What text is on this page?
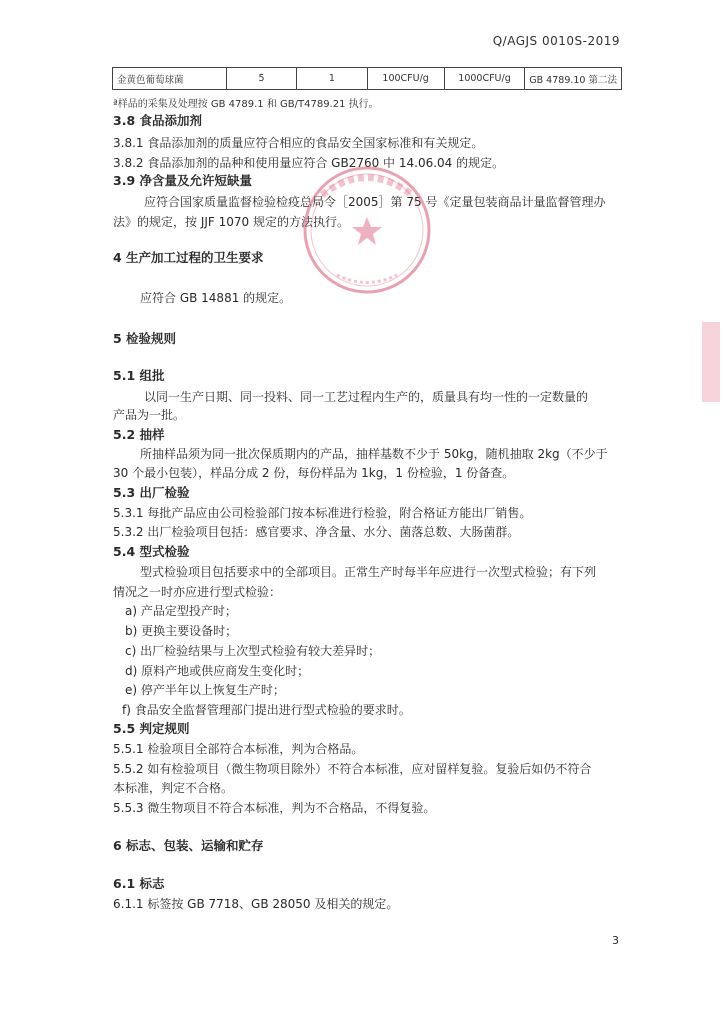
Q/AGJS 0010S-2019
金黄色葡萄球菌	5	1	100CFU/g	1000CFU/g	GB 4789.10 第二法
ª样品的采集及处理按 GB 4789.1 和 GB/T4789.21 执行。
3.8 食品添加剂
3.8.1 食品添加剂的质量应符合相应的食品安全国家标准和有关规定。
3.8.2 食品添加剂的品种和使用量应符合 GB2760 中 14.06.04 的规定。
3.9 净含量及允许短缺量
应符合国家质量监督检验检疫总局令［2005］第 75 号《定量包装商品计量监督管理办
法》的规定，按 JJF 1070 规定的方法执行。
4 生产加工过程的卫生要求
应符合 GB 14881 的规定。
5 检验规则
5.1 组批
以同一生产日期、同一投料、同一工艺过程内生产的，质量具有均一性的一定数量的
产品为一批。
5.2 抽样
所抽样品须为同一批次保质期内的产品，抽样基数不少于 50kg，随机抽取 2kg（不少于
30 个最小包装），样品分成 2 份，每份样品为 1kg，1 份检验，1 份备查。
5.3 出厂检验
5.3.1 每批产品应由公司检验部门按本标准进行检验，附合格证方能出厂销售。
5.3.2 出厂检验项目包括：感官要求、净含量、水分、菌落总数、大肠菌群。
5.4 型式检验
型式检验项目包括要求中的全部项目。正常生产时每半年应进行一次型式检验；有下列
情况之一时亦应进行型式检验：
a) 产品定型投产时；
b) 更换主要设备时；
c) 出厂检验结果与上次型式检验有较大差异时；
d) 原料产地或供应商发生变化时；
e) 停产半年以上恢复生产时；
f) 食品安全监督管理部门提出进行型式检验的要求时。
5.5 判定规则
5.5.1 检验项目全部符合本标准，判为合格品。
5.5.2 如有检验项目（微生物项目除外）不符合本标准，应对留样复验。复验后如仍不符合
本标准，判定不合格。
5.5.3 微生物项目不符合本标准，判为不合格品，不得复验。
6 标志、包装、运输和贮存
6.1 标志
6.1.1 标签按 GB 7718、GB 28050 及相关的规定。
3
